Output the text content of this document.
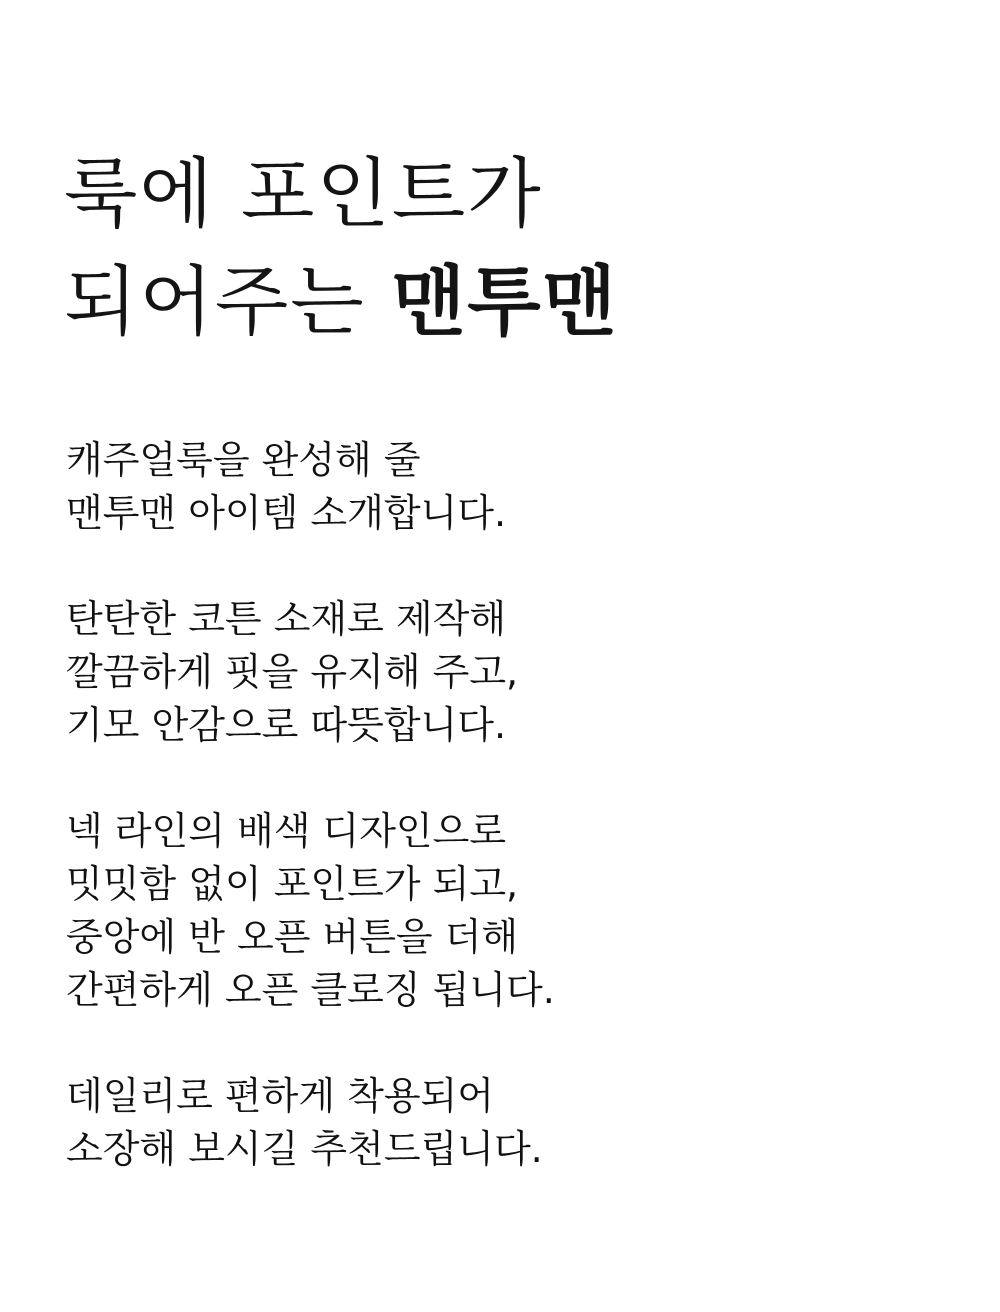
룩에 포인트가
되어주는 맨투맨

캐주얼룩을 완성해 줄
맨투맨 아이템 소개합니다.

탄탄한 코튼 소재로 제작해
깔끔하게 핏을 유지해 주고,
기모 안감으로 따뜻합니다.

넥 라인의 배색 디자인으로
밋밋함 없이 포인트가 되고,
중앙에 반 오픈 버튼을 더해
간편하게 오픈 클로징 됩니다.

데일리로 편하게 착용되어
소장해 보시길 추천드립니다.
